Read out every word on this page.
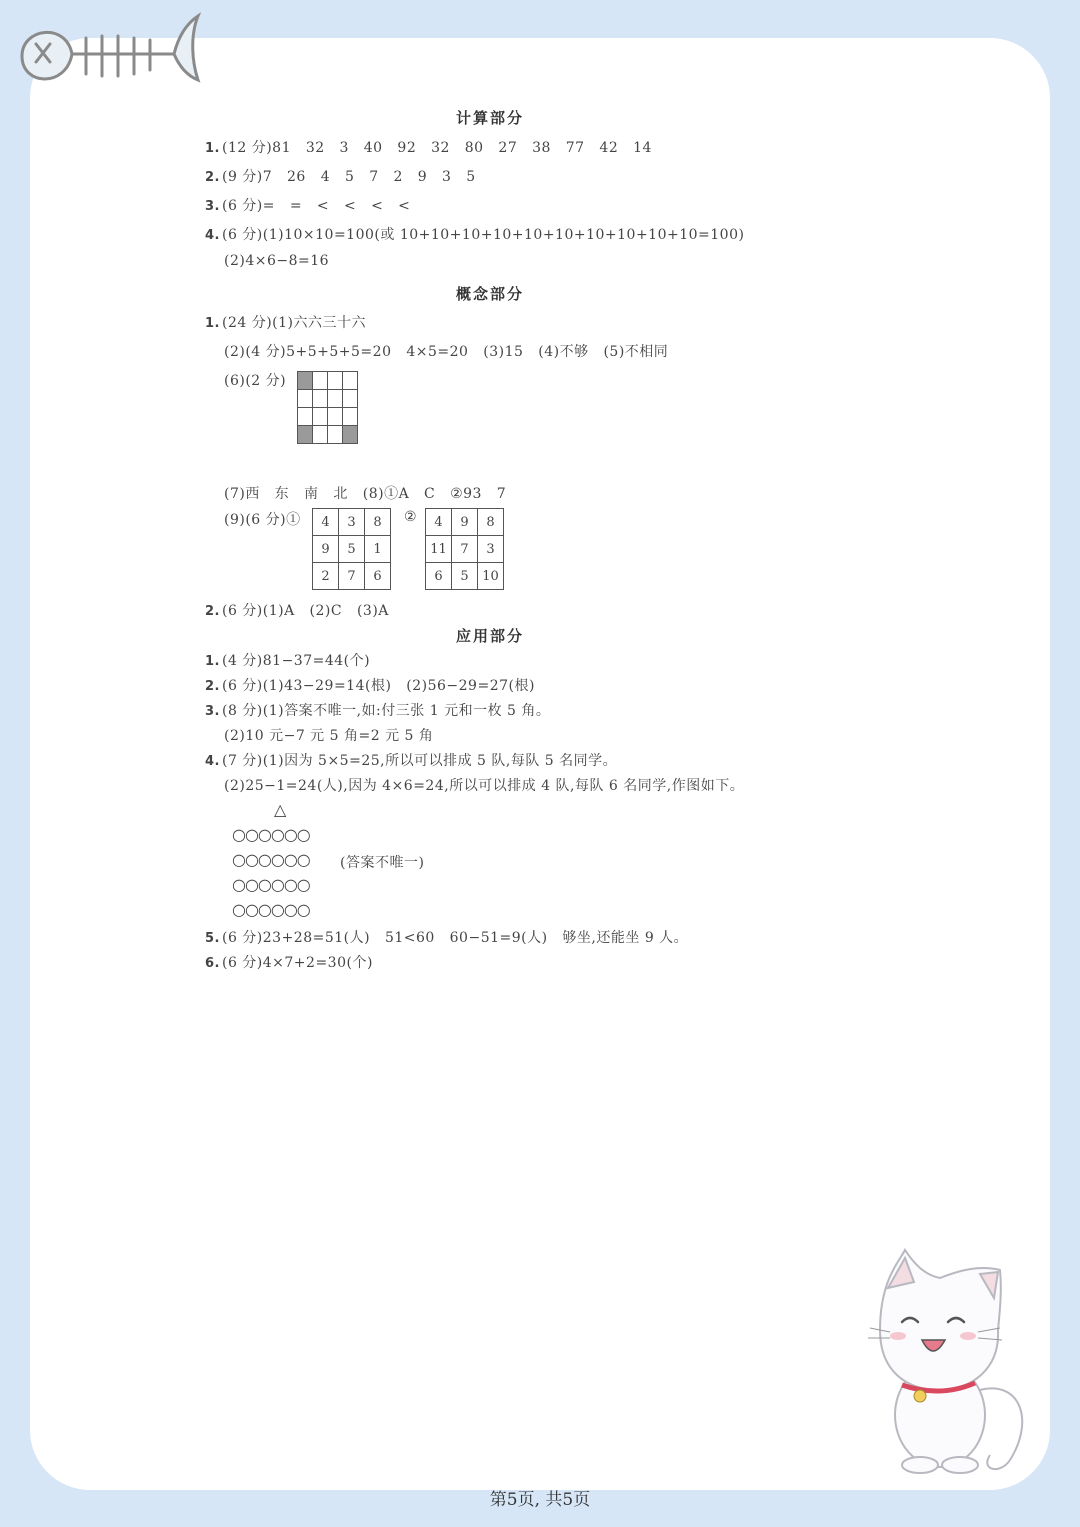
计算部分
1. (12 分)81   32   3   40   92   32   80   27   38   77   42   14
2. (9 分)7   26   4   5   7   2   9   3   5
3. (6 分)=   =   <   <   <   <
4. (6 分)(1)10×10=100(或 10+10+10+10+10+10+10+10+10+10=100)
(2)4×6−8=16
概念部分
1. (24 分)(1)六六三十六
(2)(4 分)5+5+5+5=20   4×5=20   (3)15   (4)不够   (5)不相同
(6)(2 分)

(7)西   东   南   北   (8)①A   C   ②93   7
(9)(6 分)① 4	3	8
9	5	1
2	7	6
② 4	9	8
11	7	3
6	5	10
2. (6 分)(1)A   (2)C   (3)A
应用部分
1. (4 分)81−37=44(个)
2. (6 分)(1)43−29=14(根)   (2)56−29=27(根)
3. (8 分)(1)答案不唯一,如:付三张 1 元和一枚 5 角。
(2)10 元−7 元 5 角=2 元 5 角
4. (7 分)(1)因为 5×5=25,所以可以排成 5 队,每队 5 名同学。
(2)25−1=24(人),因为 4×6=24,所以可以排成 4 队,每队 6 名同学,作图如下。
△
○○○○○○
○○○○○○ (答案不唯一)
○○○○○○
○○○○○○
5. (6 分)23+28=51(人)   51<60   60−51=9(人)   够坐,还能坐 9 人。
6. (6 分)4×7+2=30(个)
第5页, 共5页
